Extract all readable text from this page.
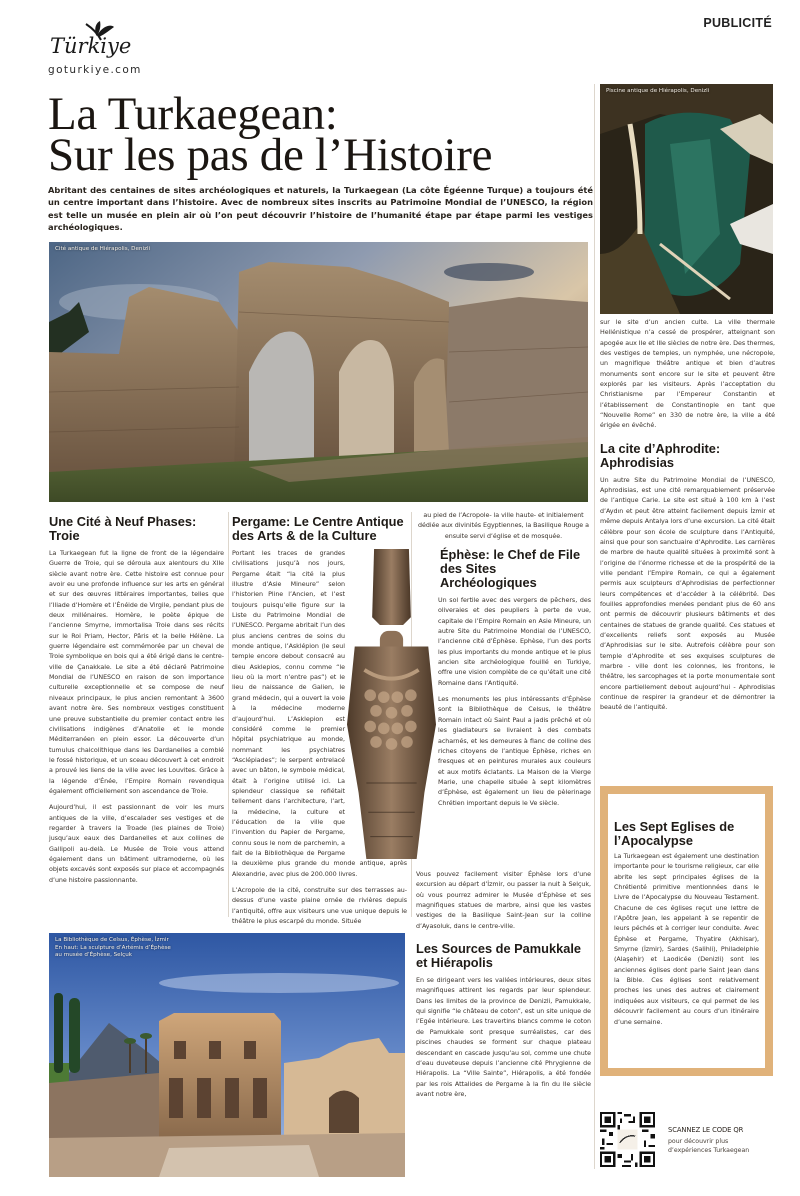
Türkiye
goturkiye.com
PUBLICITÉ
La Turkaegean:
Sur les pas de l’Histoire

Abritant des centaines de sites archéologiques et naturels, la Turkaegean (La côte Égéenne Turque) a toujours été un centre important dans l’histoire. Avec de nombreux sites inscrits au Patrimoine Mondial de l’UNESCO, la région est telle un musée en plein air où l’on peut découvrir l’histoire de l’humanité étape par étape parmi les vestiges archéologiques.

Cité antique de Hiérapolis, Denizli
Piscine antique de Hiérapolis, Denizli
Une Cité à Neuf Phases: Troie

La Turkaegean fut la ligne de front de la légendaire Guerre de Troie, qui se déroula aux alentours du XIIe siècle avant notre ère. Cette histoire est connue pour avoir eu une profonde influence sur les arts en général et sur des œuvres littéraires importantes, telles que l’Iliade d’Homère et l’Énéide de Virgile, pendant plus de deux millénaires. Homère, le poète épique de l’ancienne Smyrne, immortalisa Troie dans ses récits sur le Roi Priam, Hector, Pâris et la belle Hélène. La guerre légendaire est commémorée par un cheval de Troie symbolique en bois qui a été érigé dans le centre-ville de Çanakkale. Le site a été déclaré Patrimoine Mondial de l’UNESCO en raison de son importance culturelle exceptionnelle et se compose de neuf niveaux principaux, le plus ancien remontant à 3600 avant notre ère. Ses nombreux vestiges constituent une preuve substantielle du premier contact entre les civilisations indigènes d’Anatolie et le monde Méditerranéen en plein essor. La découverte d’un tumulus chalcolithique dans les Dardanelles a comblé le fossé historique, et un sceau découvert à cet endroit a prouvé les liens de la ville avec les Louvites. Grâce à la légende d’Énée, l’Empire Romain revendiqua également officiellement son ascendance de Troie.

Aujourd’hui, il est passionnant de voir les murs antiques de la ville, d’escalader ses vestiges et de regarder à travers la Troade (les plaines de Troie) jusqu’aux eaux des Dardanelles et aux collines de Gallipoli au-delà. Le Musée de Troie vous attend également dans un bâtiment ultramoderne, où les objets excavés sont exposés sur place et accompagnés d’une histoire passionnante.

Pergame: Le Centre Antique des Arts & de la Culture

Portant les traces de grandes civilisations jusqu’à nos jours, Pergame était “la cité la plus illustre d’Asie Mineure” selon l’historien Pline l’Ancien, et l’est toujours puisqu’elle figure sur la Liste du Patrimoine Mondial de l’UNESCO. Pergame abritait l’un des plus anciens centres de soins du monde antique, l’Asklépion (le seul temple encore debout consacré au dieu Asklepios, connu comme “le lieu où la mort n’entre pas”) et le lieu de naissance de Galien, le grand médecin, qui a ouvert la voie à la médecine moderne d’aujourd’hui. L’Asklepion est considéré comme le premier hôpital psychiatrique au monde, nommant les psychiatres “Asclépiades”; le serpent entrelacé avec un bâton, le symbole médical, était à l’origine utilisé ici. La splendeur classique se reflétait tellement dans l’architecture, l’art, la médecine, la culture et l’éducation de la ville que l’invention du Papier de Pergame, connu sous le nom de parchemin, a fait de la Bibliothèque de Pergame la deuxième plus grande du monde antique, après Alexandrie, avec plus de 200.000 livres.

L’Acropole de la cité, construite sur des terrasses au-dessus d’une vaste plaine ornée de rivières depuis l’antiquité, offre aux visiteurs une vue unique depuis le théâtre le plus escarpé du monde. Située

au pied de l’Acropole- la ville haute- et initialement dédiée aux divinités Egyptiennes, la Basilique Rouge a ensuite servi d’église et de mosquée.

Éphèse: le Chef de File des Sites Archéologiques

Un sol fertile avec des vergers de pêchers, des oliveraies et des peupliers à perte de vue, capitale de l’Empire Romain en Asie Mineure, un autre Site du Patrimoine Mondial de l’UNESCO, l’ancienne cité d’Éphèse. Ephèse, l’un des ports les plus importants du monde antique et le plus ancien site archéologique fouillé en Turkiye, offre une vision complète de ce qu’était une cité Romaine dans l’Antiquité.

Les monuments les plus intéressants d’Éphèse sont la Bibliothèque de Celsus, le théâtre Romain intact où Saint Paul a jadis prêché et où les gladiateurs se livraient à des combats acharnés, et les demeures à flanc de colline des riches citoyens de l’antique Éphèse, riches en fresques et en peintures murales aux couleurs et aux motifs éclatants. La Maison de la Vierge Marie, une chapelle située à sept kilomètres d’Éphèse, est également un lieu de pèlerinage Chrétien important depuis le Ve siècle.

Vous pouvez facilement visiter Éphèse lors d’une excursion au départ d’İzmir, ou passer la nuit à Selçuk, où vous pourrez admirer le Musée d’Éphèse et ses magnifiques statues de marbre, ainsi que les vastes vestiges de la Basilique Saint-Jean sur la colline d’Ayasoluk, dans le centre-ville.

Les Sources de Pamukkale et Hiérapolis

En se dirigeant vers les vallées intérieures, deux sites magnifiques attirent les regards par leur splendeur. Dans les limites de la province de Denizli, Pamukkale, qui signifie “le château de coton”, est un site unique de l’Egée intérieure. Les travertins blancs comme le coton de Pamukkale sont presque surréalistes, car des piscines chaudes se forment sur chaque plateau descendant en cascade jusqu’au sol, comme une chute d’eau duveteuse depuis l’ancienne cité Phrygienne de Hiérapolis. La “Ville Sainte”, Hiérapolis, a été fondée par les rois Attalides de Pergame à la fin du IIe siècle avant notre ère,

sur le site d’un ancien culte. La ville thermale Hellénistique n’a cessé de prospérer, atteignant son apogée aux IIe et IIIe siècles de notre ère. Des thermes, des vestiges de temples, un nymphée, une nécropole, un magnifique théâtre antique et bien d’autres monuments sont encore sur le site et peuvent être explorés par les visiteurs. Après l’acceptation du Christianisme par l’Empereur Constantin et l’établissement de Constantinople en tant que “Nouvelle Rome” en 330 de notre ère, la ville a été érigée en évêché.

La cite d’Aphrodite: Aphrodisias

Un autre Site du Patrimoine Mondial de l’UNESCO, Aphrodisias, est une cité remarquablement préservée de l’antique Carie. Le site est situé à 100 km à l’est d’Aydın et peut être atteint facilement depuis İzmir et même depuis Antalya lors d’une excursion. La cité était célèbre pour son école de sculpture dans l’Antiquité, ainsi que pour son sanctuaire d’Aphrodite. Les carrières de marbre de haute qualité situées à proximité sont à l’origine de l’énorme richesse et de la prospérité de la ville pendant l’Empire Romain, ce qui a également permis aux sculpteurs d’Aphrodisias de perfectionner leurs compétences et d’accéder à la célébrité. Des fouilles approfondies menées pendant plus de 60 ans ont permis de découvrir plusieurs bâtiments et des centaines de statues de grande qualité. Ces statues et d’excellents reliefs sont exposés au Musée d’Aphrodisias sur le site. Autrefois célèbre pour son temple d’Aphrodite et ses exquises sculptures de marbre - ville dont les colonnes, les frontons, le théâtre, les sarcophages et la porte monumentale sont encore partiellement debout aujourd’hui - Aphrodisias continue de respirer la grandeur et de démontrer la beauté de l’antiquité.

Les Sept Eglises de l’Apocalypse

La Turkaegean est également une destination importante pour le tourisme religieux, car elle abrite les sept principales églises de la Chrétienté primitive mentionnées dans le Livre de l’Apocalypse du Nouveau Testament. Chacune de ces églises reçut une lettre de l’Apôtre Jean, les appelant à se repentir de leurs péchés et à corriger leur conduite. Avec Éphèse et Pergame, Thyatire (Akhisar), Smyrne (İzmir), Sardes (Salihli), Philadelphie (Alaşehir) et Laodicée (Denizli) sont les anciennes églises dont parle Saint Jean dans la Bible. Ces églises sont relativement proches les unes des autres et clairement indiquées aux visiteurs, ce qui permet de les découvrir facilement au cours d’un itinéraire d’une semaine.

SCANNEZ LE CODE QR
pour découvrir plus d’expériences Turkaegean
La Bibliothèque de Celsus, Éphèse, İzmir
En haut: La sculpture d’Artémis d’Éphèse
au musée d’Éphèse, Selçuk
